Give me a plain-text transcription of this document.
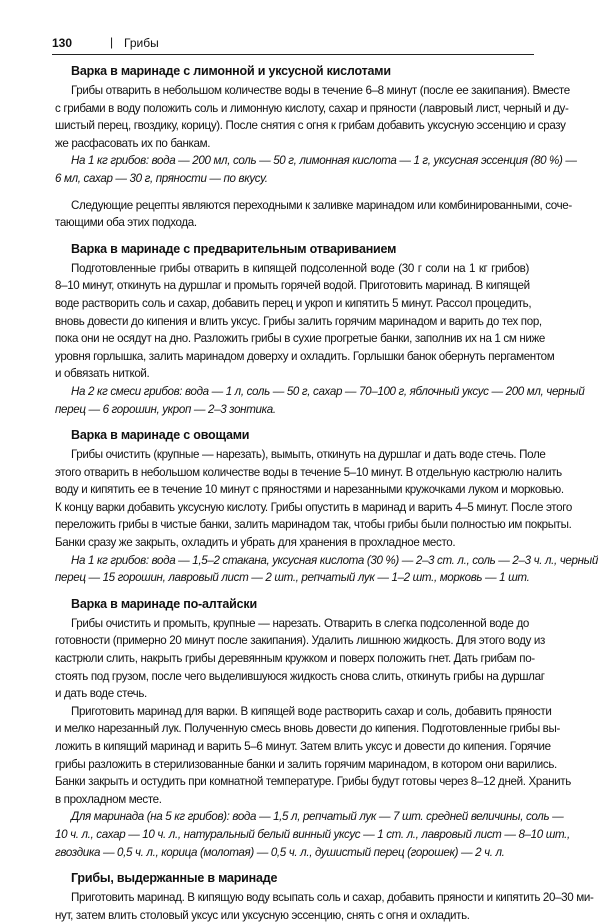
130	| Грибы
Варка в маринаде с лимонной и уксусной кислотами
Грибы отварить в небольшом количестве воды в течение 6–8 минут (после ее закипания). Вместе
с грибами в воду положить соль и лимонную кислоту, сахар и пряности (лавровый лист, черный и ду-
шистый перец, гвоздику, корицу). После снятия с огня к грибам добавить уксусную эссенцию и сразу
же расфасовать их по банкам.
На 1 кг грибов: вода — 200 мл, соль — 50 г, лимонная кислота — 1 г, уксусная эссенция (80 %) —
6 мл, сахар — 30 г, пряности — по вкусу.
Следующие рецепты являются переходными к заливке маринадом или комбинированными, соче-
тающими оба этих подхода.
Варка в маринаде с предварительным отвариванием
Подготовленные грибы отварить в кипящей подсоленной воде (30 г соли на 1 кг грибов)
8–10 минут, откинуть на дуршлаг и промыть горячей водой. Приготовить маринад. В кипящей
воде растворить соль и сахар, добавить перец и укроп и кипятить 5 минут. Рассол процедить,
вновь довести до кипения и влить уксус. Грибы залить горячим маринадом и варить до тех пор,
пока они не осядут на дно. Разложить грибы в сухие прогретые банки, заполнив их на 1 см ниже
уровня горлышка, залить маринадом доверху и охладить. Горлышки банок обернуть пергаментом
и обвязать ниткой.
На 2 кг смеси грибов: вода — 1 л, соль — 50 г, сахар — 70–100 г, яблочный уксус — 200 мл, черный
перец — 6 горошин, укроп — 2–3 зонтика.
Варка в маринаде с овощами
Грибы очистить (крупные — нарезать), вымыть, откинуть на дуршлаг и дать воде стечь. Поле
этого отварить в небольшом количестве воды в течение 5–10 минут. В отдельную кастрюлю налить
воду и кипятить ее в течение 10 минут с пряностями и нарезанными кружочками луком и морковью.
К концу варки добавить уксусную кислоту. Грибы опустить в маринад и варить 4–5 минут. После этого
переложить грибы в чистые банки, залить маринадом так, чтобы грибы были полностью им покрыты.
Банки сразу же закрыть, охладить и убрать для хранения в прохладное место.
На 1 кг грибов: вода — 1,5–2 стакана, уксусная кислота (30 %) — 2–3 ст. л., соль — 2–3 ч. л., черный
перец — 15 горошин, лавровый лист — 2 шт., репчатый лук — 1–2 шт., морковь — 1 шт.
Варка в маринаде по-алтайски
Грибы очистить и промыть, крупные — нарезать. Отварить в слегка подсоленной воде до
готовности (примерно 20 минут после закипания). Удалить лишнюю жидкость. Для этого воду из
кастрюли слить, накрыть грибы деревянным кружком и поверх положить гнет. Дать грибам по-
стоять под грузом, после чего выделившуюся жидкость снова слить, откинуть грибы на дуршлаг
и дать воде стечь.
Приготовить маринад для варки. В кипящей воде растворить сахар и соль, добавить пряности
и мелко нарезанный лук. Полученную смесь вновь довести до кипения. Подготовленные грибы вы-
ложить в кипящий маринад и варить 5–6 минут. Затем влить уксус и довести до кипения. Горячие
грибы разложить в стерилизованные банки и залить горячим маринадом, в котором они варились.
Банки закрыть и остудить при комнатной температуре. Грибы будут готовы через 8–12 дней. Хранить
в прохладном месте.
Для маринада (на 5 кг грибов): вода — 1,5 л, репчатый лук — 7 шт. средней величины, соль —
10 ч. л., сахар — 10 ч. л., натуральный белый винный уксус — 1 ст. л., лавровый лист — 8–10 шт.,
гвоздика — 0,5 ч. л., корица (молотая) — 0,5 ч. л., душистый перец (горошек) — 2 ч. л.
Грибы, выдержанные в маринаде
Приготовить маринад. В кипящую воду всыпать соль и сахар, добавить пряности и кипятить 20–30 ми-
нут, затем влить столовый уксус или уксусную эссенцию, снять с огня и охладить.
